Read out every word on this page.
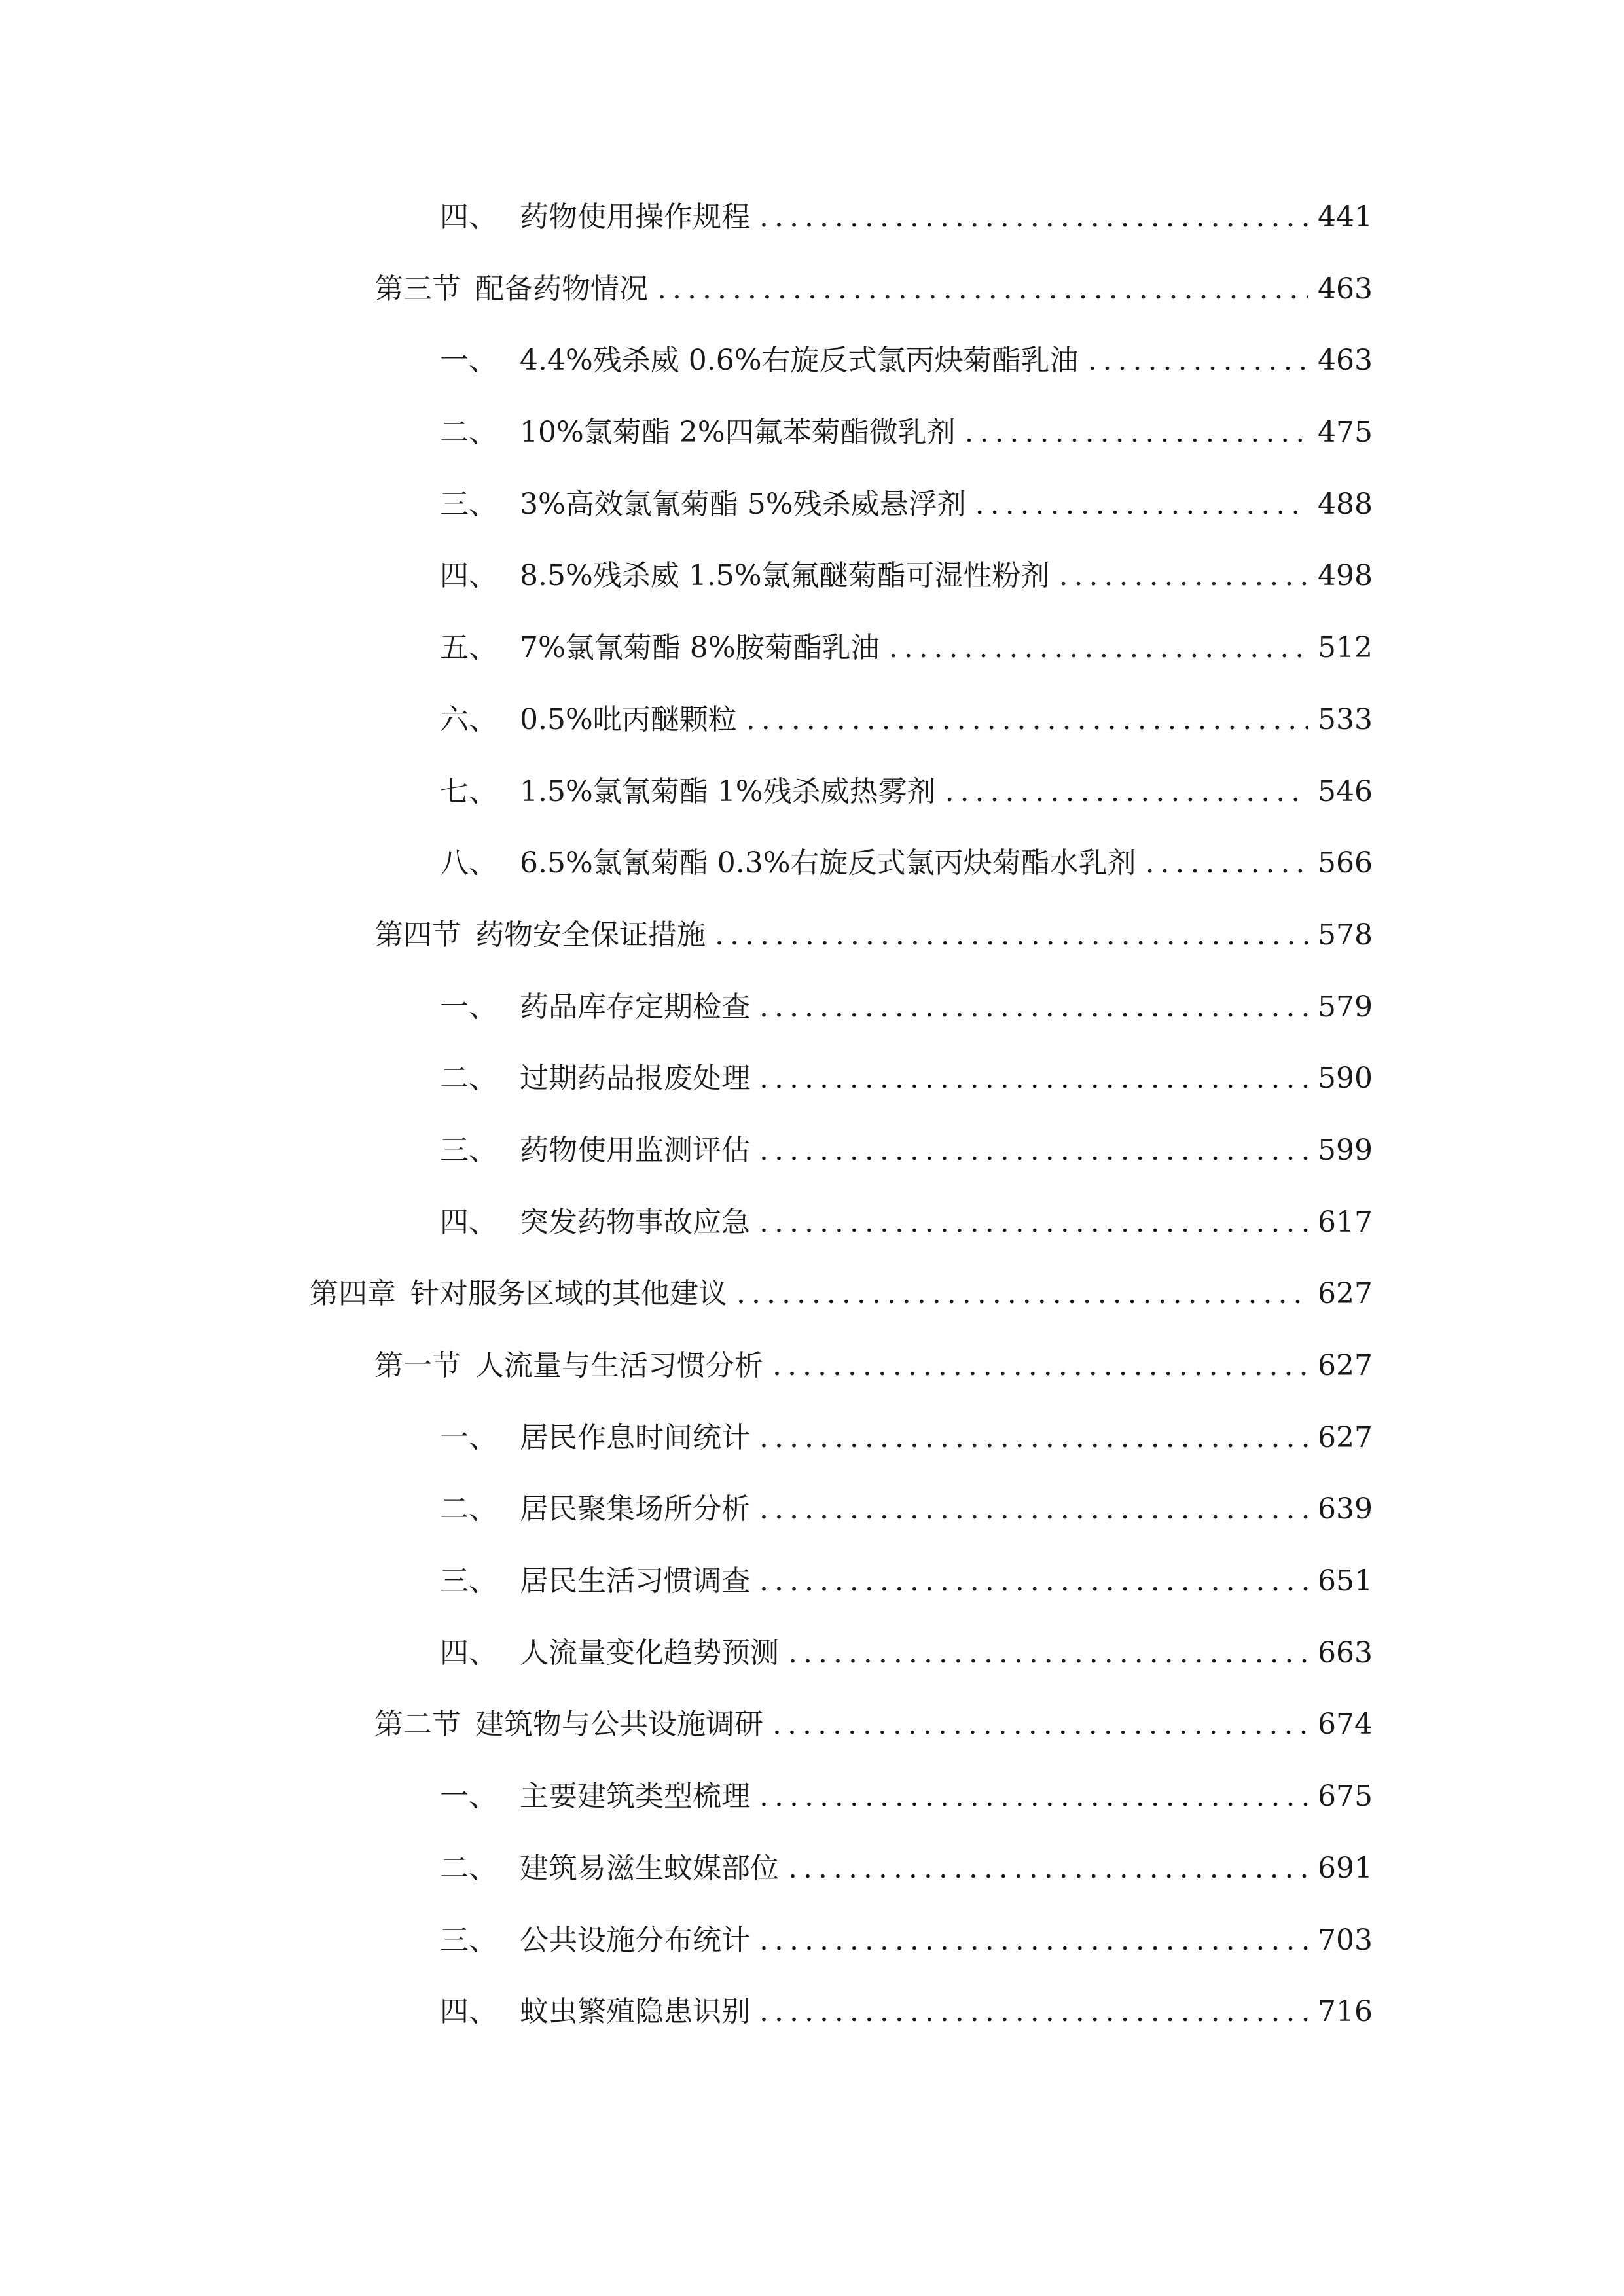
四、 药物使用操作规程 .....	441
第三节 配备药物情况 .....	463
一、 4.4%残杀威 0.6%右旋反式氯丙炔菊酯乳油 .....	463
二、 10%氯菊酯 2%四氟苯菊酯微乳剂 .....	475
三、 3%高效氯氰菊酯 5%残杀威悬浮剂 .....	488
四、 8.5%残杀威 1.5%氯氟醚菊酯可湿性粉剂 .....	498
五、 7%氯氰菊酯 8%胺菊酯乳油 .....	512
六、 0.5%吡丙醚颗粒 .....	533
七、 1.5%氯氰菊酯 1%残杀威热雾剂 .....	546
八、 6.5%氯氰菊酯 0.3%右旋反式氯丙炔菊酯水乳剂 .....	566
第四节 药物安全保证措施 .....	578
一、 药品库存定期检查 .....	579
二、 过期药品报废处理 .....	590
三、 药物使用监测评估 .....	599
四、 突发药物事故应急 .....	617
第四章 针对服务区域的其他建议 .....	627
第一节 人流量与生活习惯分析 .....	627
一、 居民作息时间统计 .....	627
二、 居民聚集场所分析 .....	639
三、 居民生活习惯调查 .....	651
四、 人流量变化趋势预测 .....	663
第二节 建筑物与公共设施调研 .....	674
一、 主要建筑类型梳理 .....	675
二、 建筑易滋生蚊媒部位 .....	691
三、 公共设施分布统计 .....	703
四、 蚊虫繁殖隐患识别 .....	716
